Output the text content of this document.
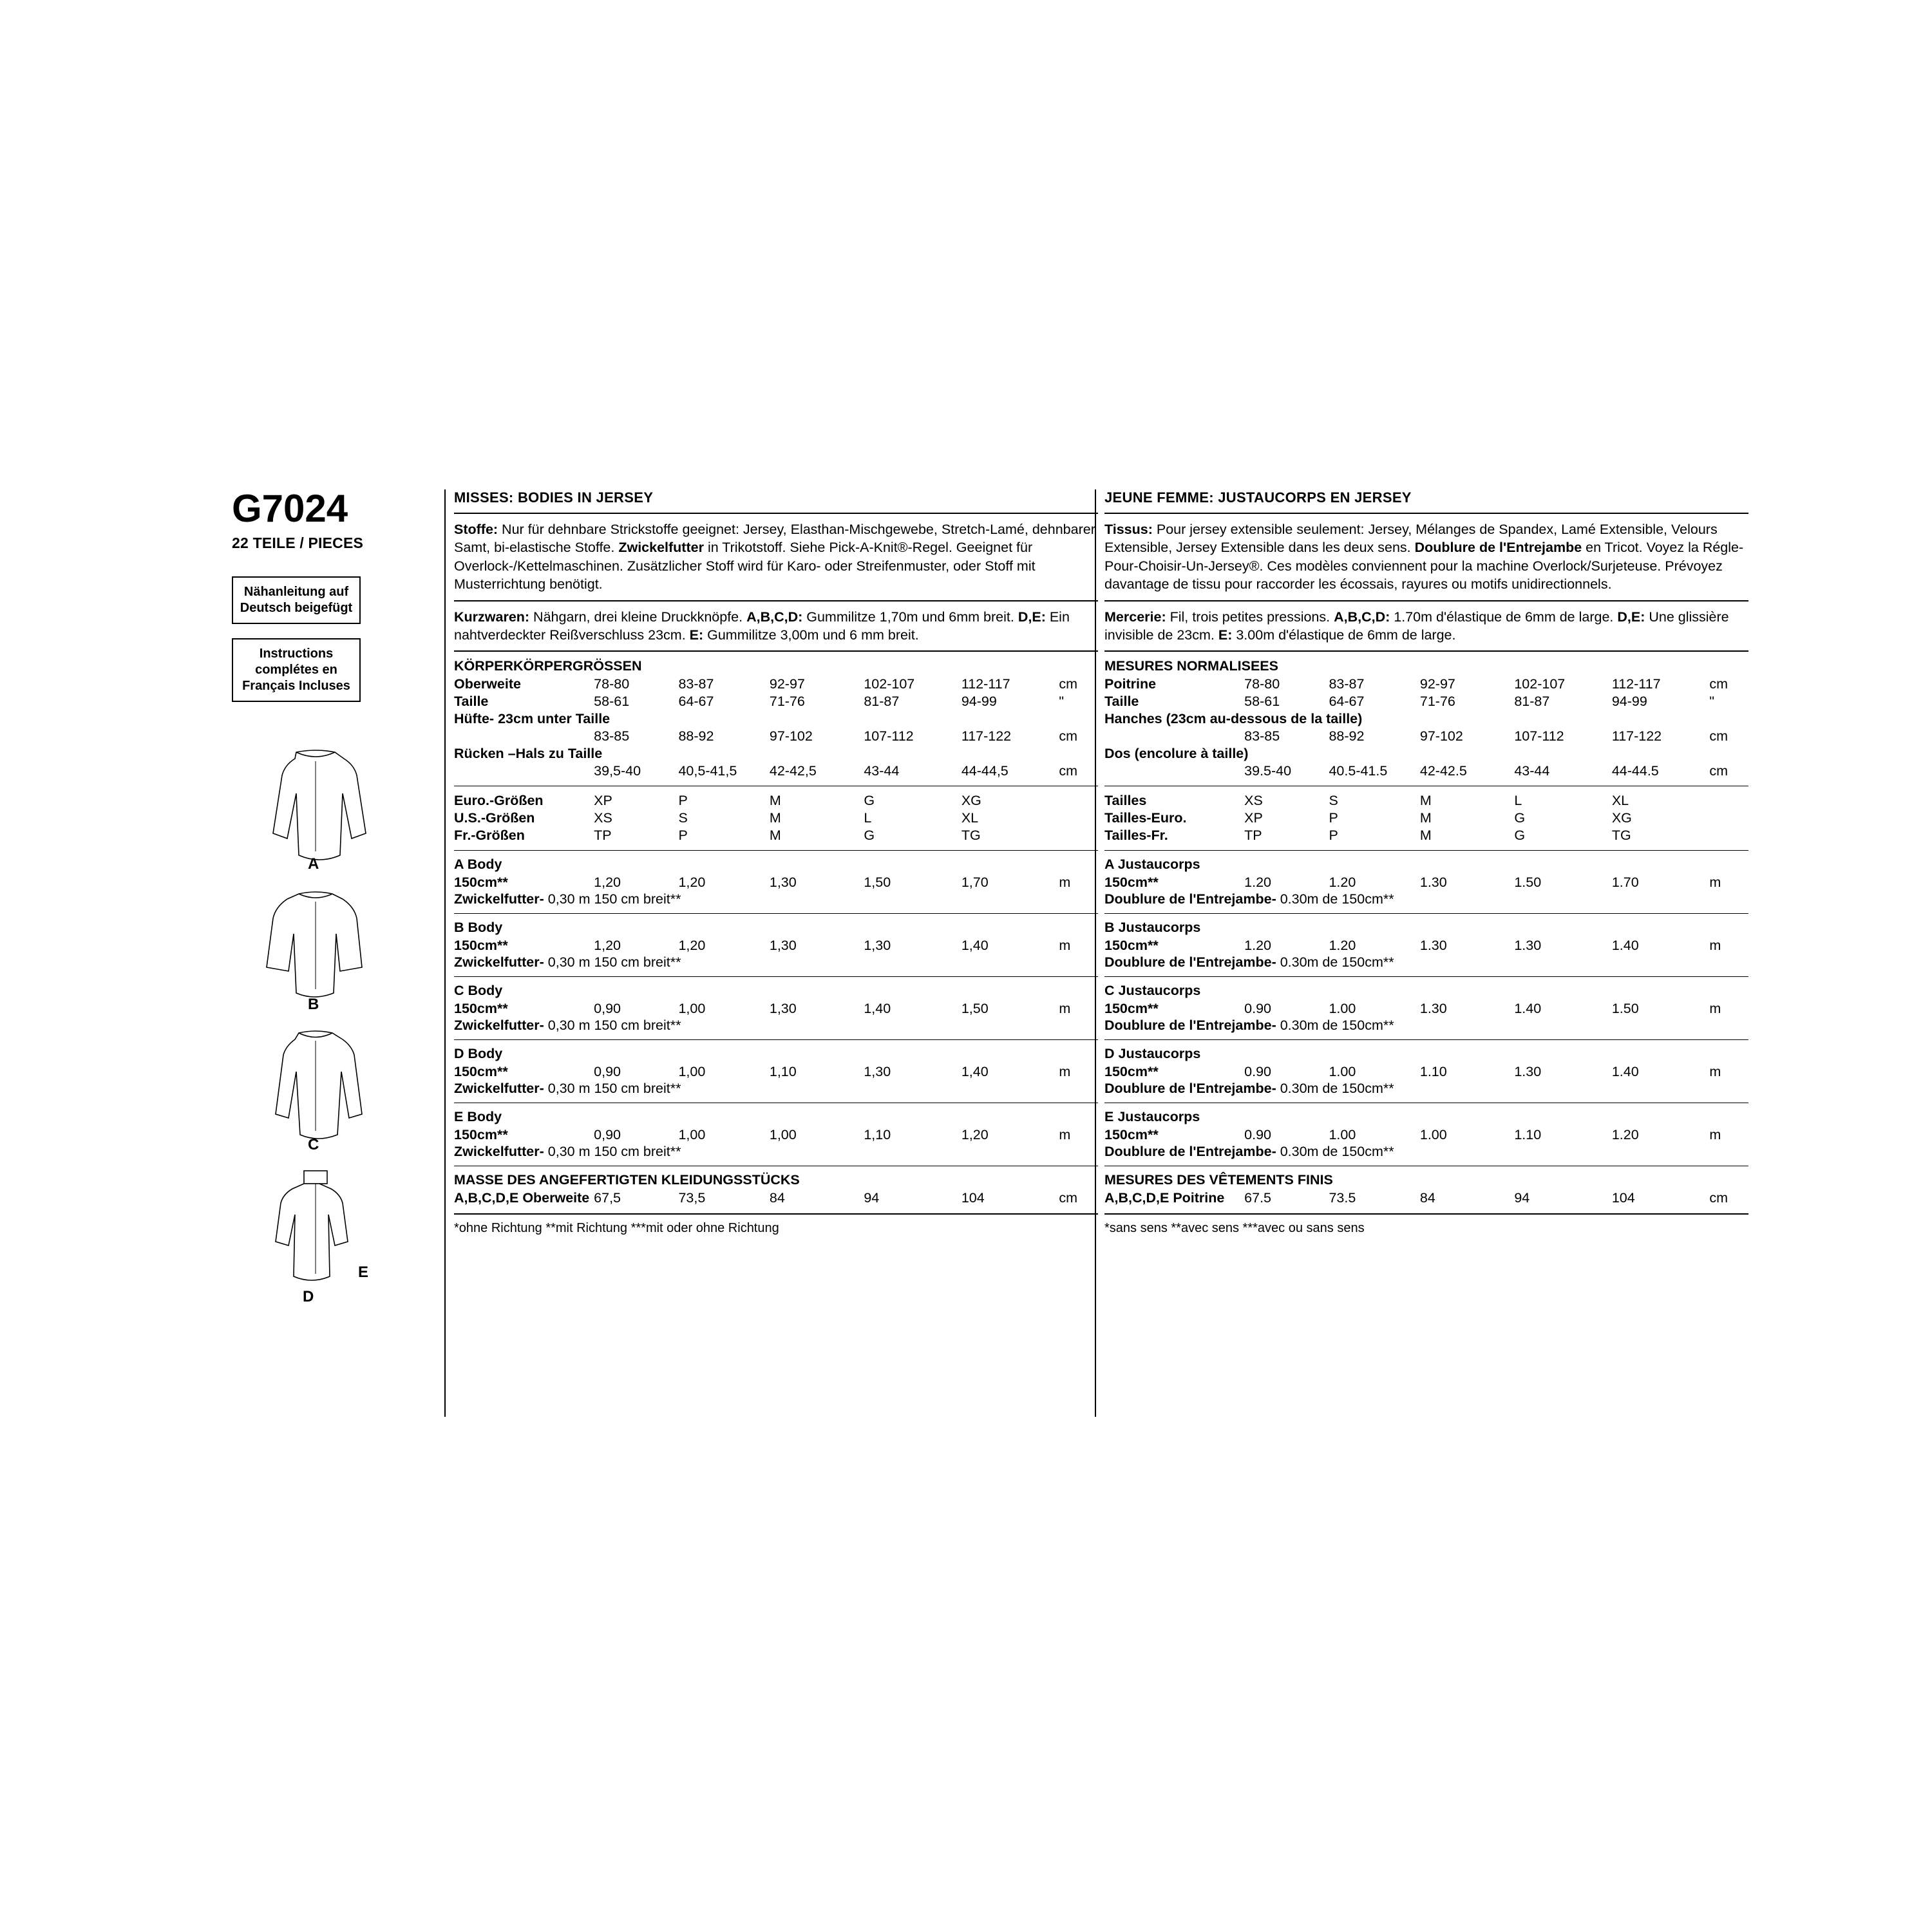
G7024
22 TEILE / PIECES
Nähanleitung auf Deutsch beigefügt
Instructions complétes en Français Incluses
A
B
C
E
D
MISSES: BODIES IN JERSEY

Stoffe: Nur für dehnbare Strickstoffe geeignet: Jersey, Elasthan-Mischgewebe, Stretch-Lamé, dehnbarer Samt, bi-elastische Stoffe. Zwickelfutter in Trikotstoff. Siehe Pick-A-Knit®-Regel. Geeignet für Overlock-/Kettelmaschinen. Zusätzlicher Stoff wird für Karo- oder Streifenmuster, oder Stoff mit Musterrichtung benötigt.

Kurzwaren: Nähgarn, drei kleine Druckknöpfe. A,B,C,D: Gummilitze 1,70m und 6mm breit. D,E: Ein nahtverdeckter Reißverschluss 23cm. E: Gummilitze 3,00m und 6 mm breit.

KÖRPERKÖRPERGRÖSSEN
Oberweite	78-80	83-87	92-97	102-107	112-117	cm
Taille	58-61	64-67	71-76	81-87	94-99	"
Hüfte- 23cm unter Taille						
	83-85	88-92	97-102	107-112	117-122	cm
Rücken –Hals zu Taille						
	39,5-40	40,5-41,5	42-42,5	43-44	44-44,5	cm
Euro.-Größen	XP	P	M	G	XG	
U.S.-Größen	XS	S	M	L	XL	
Fr.-Größen	TP	P	M	G	TG	
A Body
150cm**	1,20	1,20	1,30	1,50	1,70	m
Zwickelfutter- 0,30 m 150 cm breit**
B Body
150cm**	1,20	1,20	1,30	1,30	1,40	m
Zwickelfutter- 0,30 m 150 cm breit**
C Body
150cm**	0,90	1,00	1,30	1,40	1,50	m
Zwickelfutter- 0,30 m 150 cm breit**
D Body
150cm**	0,90	1,00	1,10	1,30	1,40	m
Zwickelfutter- 0,30 m 150 cm breit**
E Body
150cm**	0,90	1,00	1,00	1,10	1,20	m
Zwickelfutter- 0,30 m 150 cm breit**
MASSE DES ANGEFERTIGTEN KLEIDUNGSSTÜCKS
A,B,C,D,E Oberweite	67,5	73,5	84	94	104	cm
*ohne Richtung **mit Richtung ***mit oder ohne Richtung
JEUNE FEMME: JUSTAUCORPS EN JERSEY

Tissus: Pour jersey extensible seulement: Jersey, Mélanges de Spandex, Lamé Extensible, Velours Extensible, Jersey Extensible dans les deux sens. Doublure de l'Entrejambe en Tricot. Voyez la Régle-Pour-Choisir-Un-Jersey®. Ces modèles conviennent pour la machine Overlock/Surjeteuse. Prévoyez davantage de tissu pour raccorder les écossais, rayures ou motifs unidirectionnels.

Mercerie: Fil, trois petites pressions. A,B,C,D: 1.70m d'élastique de 6mm de large. D,E: Une glissière invisible de 23cm. E: 3.00m d'élastique de 6mm de large.

MESURES NORMALISEES
Poitrine	78-80	83-87	92-97	102-107	112-117	cm
Taille	58-61	64-67	71-76	81-87	94-99	"
Hanches (23cm au-dessous de la taille)						
	83-85	88-92	97-102	107-112	117-122	cm
Dos (encolure à taille)						
	39.5-40	40.5-41.5	42-42.5	43-44	44-44.5	cm
Tailles	XS	S	M	L	XL	
Tailles-Euro.	XP	P	M	G	XG	
Tailles-Fr.	TP	P	M	G	TG	
A Justaucorps
150cm**	1.20	1.20	1.30	1.50	1.70	m
Doublure de l'Entrejambe- 0.30m de 150cm**
B Justaucorps
150cm**	1.20	1.20	1.30	1.30	1.40	m
Doublure de l'Entrejambe- 0.30m de 150cm**
C Justaucorps
150cm**	0.90	1.00	1.30	1.40	1.50	m
Doublure de l'Entrejambe- 0.30m de 150cm**
D Justaucorps
150cm**	0.90	1.00	1.10	1.30	1.40	m
Doublure de l'Entrejambe- 0.30m de 150cm**
E Justaucorps
150cm**	0.90	1.00	1.00	1.10	1.20	m
Doublure de l'Entrejambe- 0.30m de 150cm**
MESURES DES VÊTEMENTS FINIS
A,B,C,D,E Poitrine	67.5	73.5	84	94	104	cm
*sans sens **avec sens ***avec ou sans sens
